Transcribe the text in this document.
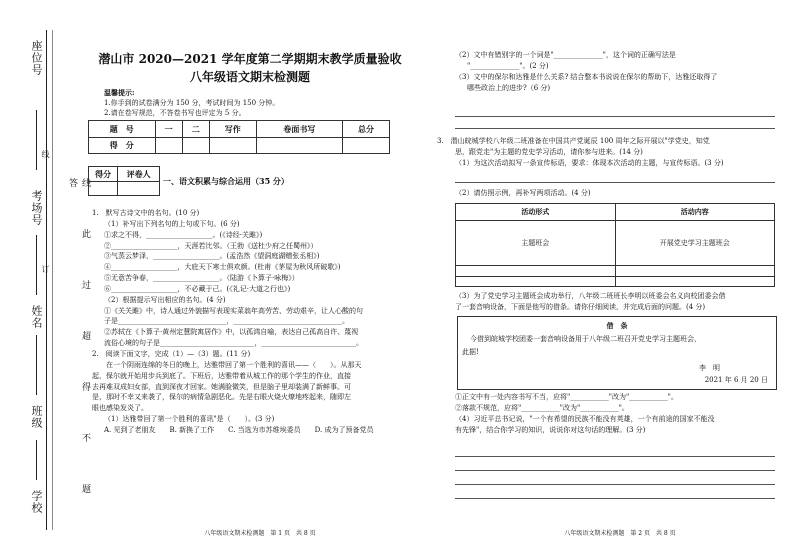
座位号
考场号
姓名
班级
学校
线
订	线 此 过 超 得 不 题 答
潜山市 2020—2021 学年度第二学期期末教学质量验收
八年级语文期末检测题
温馨提示:
1.你手到的试卷满分为 150 分，考试时间为 150 分钟。
2.请在卷写规范，不答卷书写也评定为 5 分。
题　号	一	二	写作	卷面书写	总分
得　分					
得分	评卷人

一、语文积累与综合运用（35 分）

1.　默写古诗文中的名句。(10 分)

（1）补写出下列名句的上句或下句。(6 分)

①求之不得，___________________。(《诗经·关雎》)

②___________________，天涯若比邻。（王勃《送杜少府之任蜀州》）

③气蒸云梦泽，___________________。(孟浩然《望洞庭湖赠张丞相》)

④___________________，大庇天下寒士俱欢颜。(杜甫《茅屋为秋风所破歌》)

⑤无意苦争春，___________________。（陆游《卜算子·咏梅》）

⑥___________________，不必藏于己。(《礼记·大道之行也》)

（2）根据提示写出相应的名句。(4 分)

①《关关雎》中，诗人通过外貌描写表现实菜翁年高劳苦、劳动艰辛，让人心酸的句

子是_______________________________，_______________________________。

②苏轼在《卜算子·黄州定慧院寓居作》中，以孤鸿自喻，表达自己孤高自许、蔑视

流俗心境的句子是___________________________，___________________________。

2.　阅读下面文字，完成（1）—（3）题。(11 分)

　　在一个阴雨连绵的冬日的晚上，达雅带回了第一个胜利的喜讯——（　　）。从那天

起，保尔就开始用步兵到底了。下班后，达雅带着从城工作的那个学生的作业，直接

去再难双成妇女部，直到深夜才回家。她满脸微笑，但是脑子里却装满了新鲜事。可

是，那时不幸又来袭了，保尔的病情急剧恶化。先是右眼火烧火燎地疼起来，随即左

眼也感染发炎了。

（1）达雅带回了第一个胜利的喜讯"是（　　）。(3 分)

A. 见到了老朋友　　B. 新换了工作　　C. 当选为市苏维埃委员　　D. 成为了预备党员

八年级语文期末检测题　第 1 页　共 8 页

（2）文中有错别字的一个词是"______________"，这个词的正确写法是

"______________"。(2 分)

（3）文中的保尔和达雅是什么关系? 结合整本书说说在保尔的帮助下，达雅还取得了

哪些政治上的进步?（6 分)

3.　潜山皖城学校八年级二班准备在中国共产党诞辰 100 周年之际开展以"学党史，知党

思，跟党走"为主题的党史学习活动，请你参与进来。(14 分)

（1）为这次活动拟写一条宣传标语，要求：体现本次活动的主题，与宣传标语。(3 分)

（2）请仿照示例，再补写两项活动。(4 分)
活动形式	活动内容
主题班会	开展党史学习主题班会

（3）为了党史学习主题班会成功举行，八年级二班班长李明以班委会名义向校团委会借

了一套音响设备，下面是他写的借条。请你仔细阅读，并完成后面的问题。(4 分)

借　条
今借到皖城学校团委一套音响设备用于八年级二班召开党史学习主题班会，
此据!
李　明
2021 年 6 月 20 日

①正文中有一处内容书写不当，应将"___________"改为"___________"。

②落款不规范，应将"___________"改为"___________"。

（4）习近平总书记说，"一个有希望的民族不能没有英雄，一个有前途的国家不能没

有先锋"，结合你学习的知识，说说你对这句话的理解。(3 分)

八年级语文期末检测题　第 2 页　共 8 页
